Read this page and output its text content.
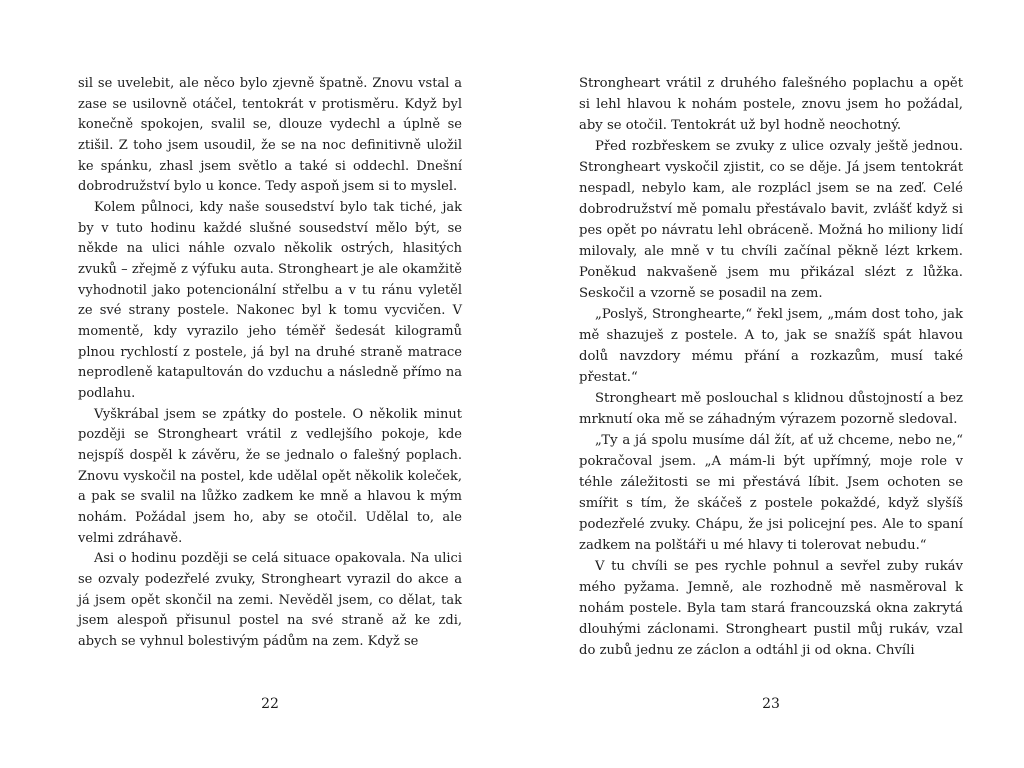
sil se uvelebit, ale něco bylo zjevně špatně. Znovu vstal a zase se usilovně otáčel, tentokrát v protisměru. Když byl konečně spokojen, svalil se, dlouze vydechl a úplně se ztišil. Z toho jsem usoudil, že se na noc definitivně uložil ke spánku, zhasl jsem světlo a také si oddechl. Dnešní dobrodružství bylo u konce. Tedy aspoň jsem si to myslel.

Kolem půlnoci, kdy naše sousedství bylo tak tiché, jak by v tuto hodinu každé slušné sousedství mělo být, se někde na ulici náhle ozvalo několik ostrých, hlasitých zvuků – zřejmě z výfuku auta. Strongheart je ale okamžitě vyhodnotil jako potencionální střelbu a v tu ránu vyletěl ze své strany postele. Nakonec byl k tomu vycvičen. V momentě, kdy vyrazilo jeho téměř šedesát kilogramů plnou rychlostí z postele, já byl na druhé straně matrace neprodleně katapultován do vzduchu a následně přímo na podlahu.

Vyškrábal jsem se zpátky do postele. O několik minut později se Strongheart vrátil z vedlejšího pokoje, kde nejspíš dospěl k závěru, že se jednalo o falešný poplach. Znovu vyskočil na postel, kde udělal opět několik koleček, a pak se svalil na lůžko zadkem ke mně a hlavou k mým nohám. Požádal jsem ho, aby se otočil. Udělal to, ale velmi zdráhavě.

Asi o hodinu později se celá situace opakovala. Na ulici se ozvaly podezřelé zvuky, Strongheart vyrazil do akce a já jsem opět skončil na zemi. Nevěděl jsem, co dělat, tak jsem alespoň přisunul postel na své straně až ke zdi, abych se vyhnul bolestivým pádům na zem. Když se

22

Strongheart vrátil z druhého falešného poplachu a opět si lehl hlavou k nohám postele, znovu jsem ho požádal, aby se otočil. Tentokrát už byl hodně neochotný.

Před rozbřeskem se zvuky z ulice ozvaly ještě jednou. Strongheart vyskočil zjistit, co se děje. Já jsem tentokrát nespadl, nebylo kam, ale rozplácl jsem se na zeď. Celé dobrodružství mě pomalu přestávalo bavit, zvlášť když si pes opět po návratu lehl obráceně. Možná ho miliony lidí milovaly, ale mně v tu chvíli začínal pěkně lézt krkem. Poněkud nakvašeně jsem mu přikázal slézt z lůžka. Seskočil a vzorně se posadil na zem.

„Poslyš, Stronghearte,“ řekl jsem, „mám dost toho, jak mě shazuješ z postele. A to, jak se snažíš spát hlavou dolů navzdory mému přání a rozkazům, musí také přestat.“

Strongheart mě poslouchal s klidnou důstojností a bez mrknutí oka mě se záhadným výrazem pozorně sledoval.

„Ty a já spolu musíme dál žít, ať už chceme, nebo ne,“ pokračoval jsem. „A mám-li být upřímný, moje role v téhle záležitosti se mi přestává líbit. Jsem ochoten se smířit s tím, že skáčeš z postele pokaždé, když slyšíš podezřelé zvuky. Chápu, že jsi policejní pes. Ale to spaní zadkem na polštáři u mé hlavy ti tolerovat nebudu.“

V tu chvíli se pes rychle pohnul a sevřel zuby rukáv mého pyžama. Jemně, ale rozhodně mě nasměroval k nohám postele. Byla tam stará francouzská okna zakrytá dlouhými záclonami. Strongheart pustil můj rukáv, vzal do zubů jednu ze záclon a odtáhl ji od okna. Chvíli

23
